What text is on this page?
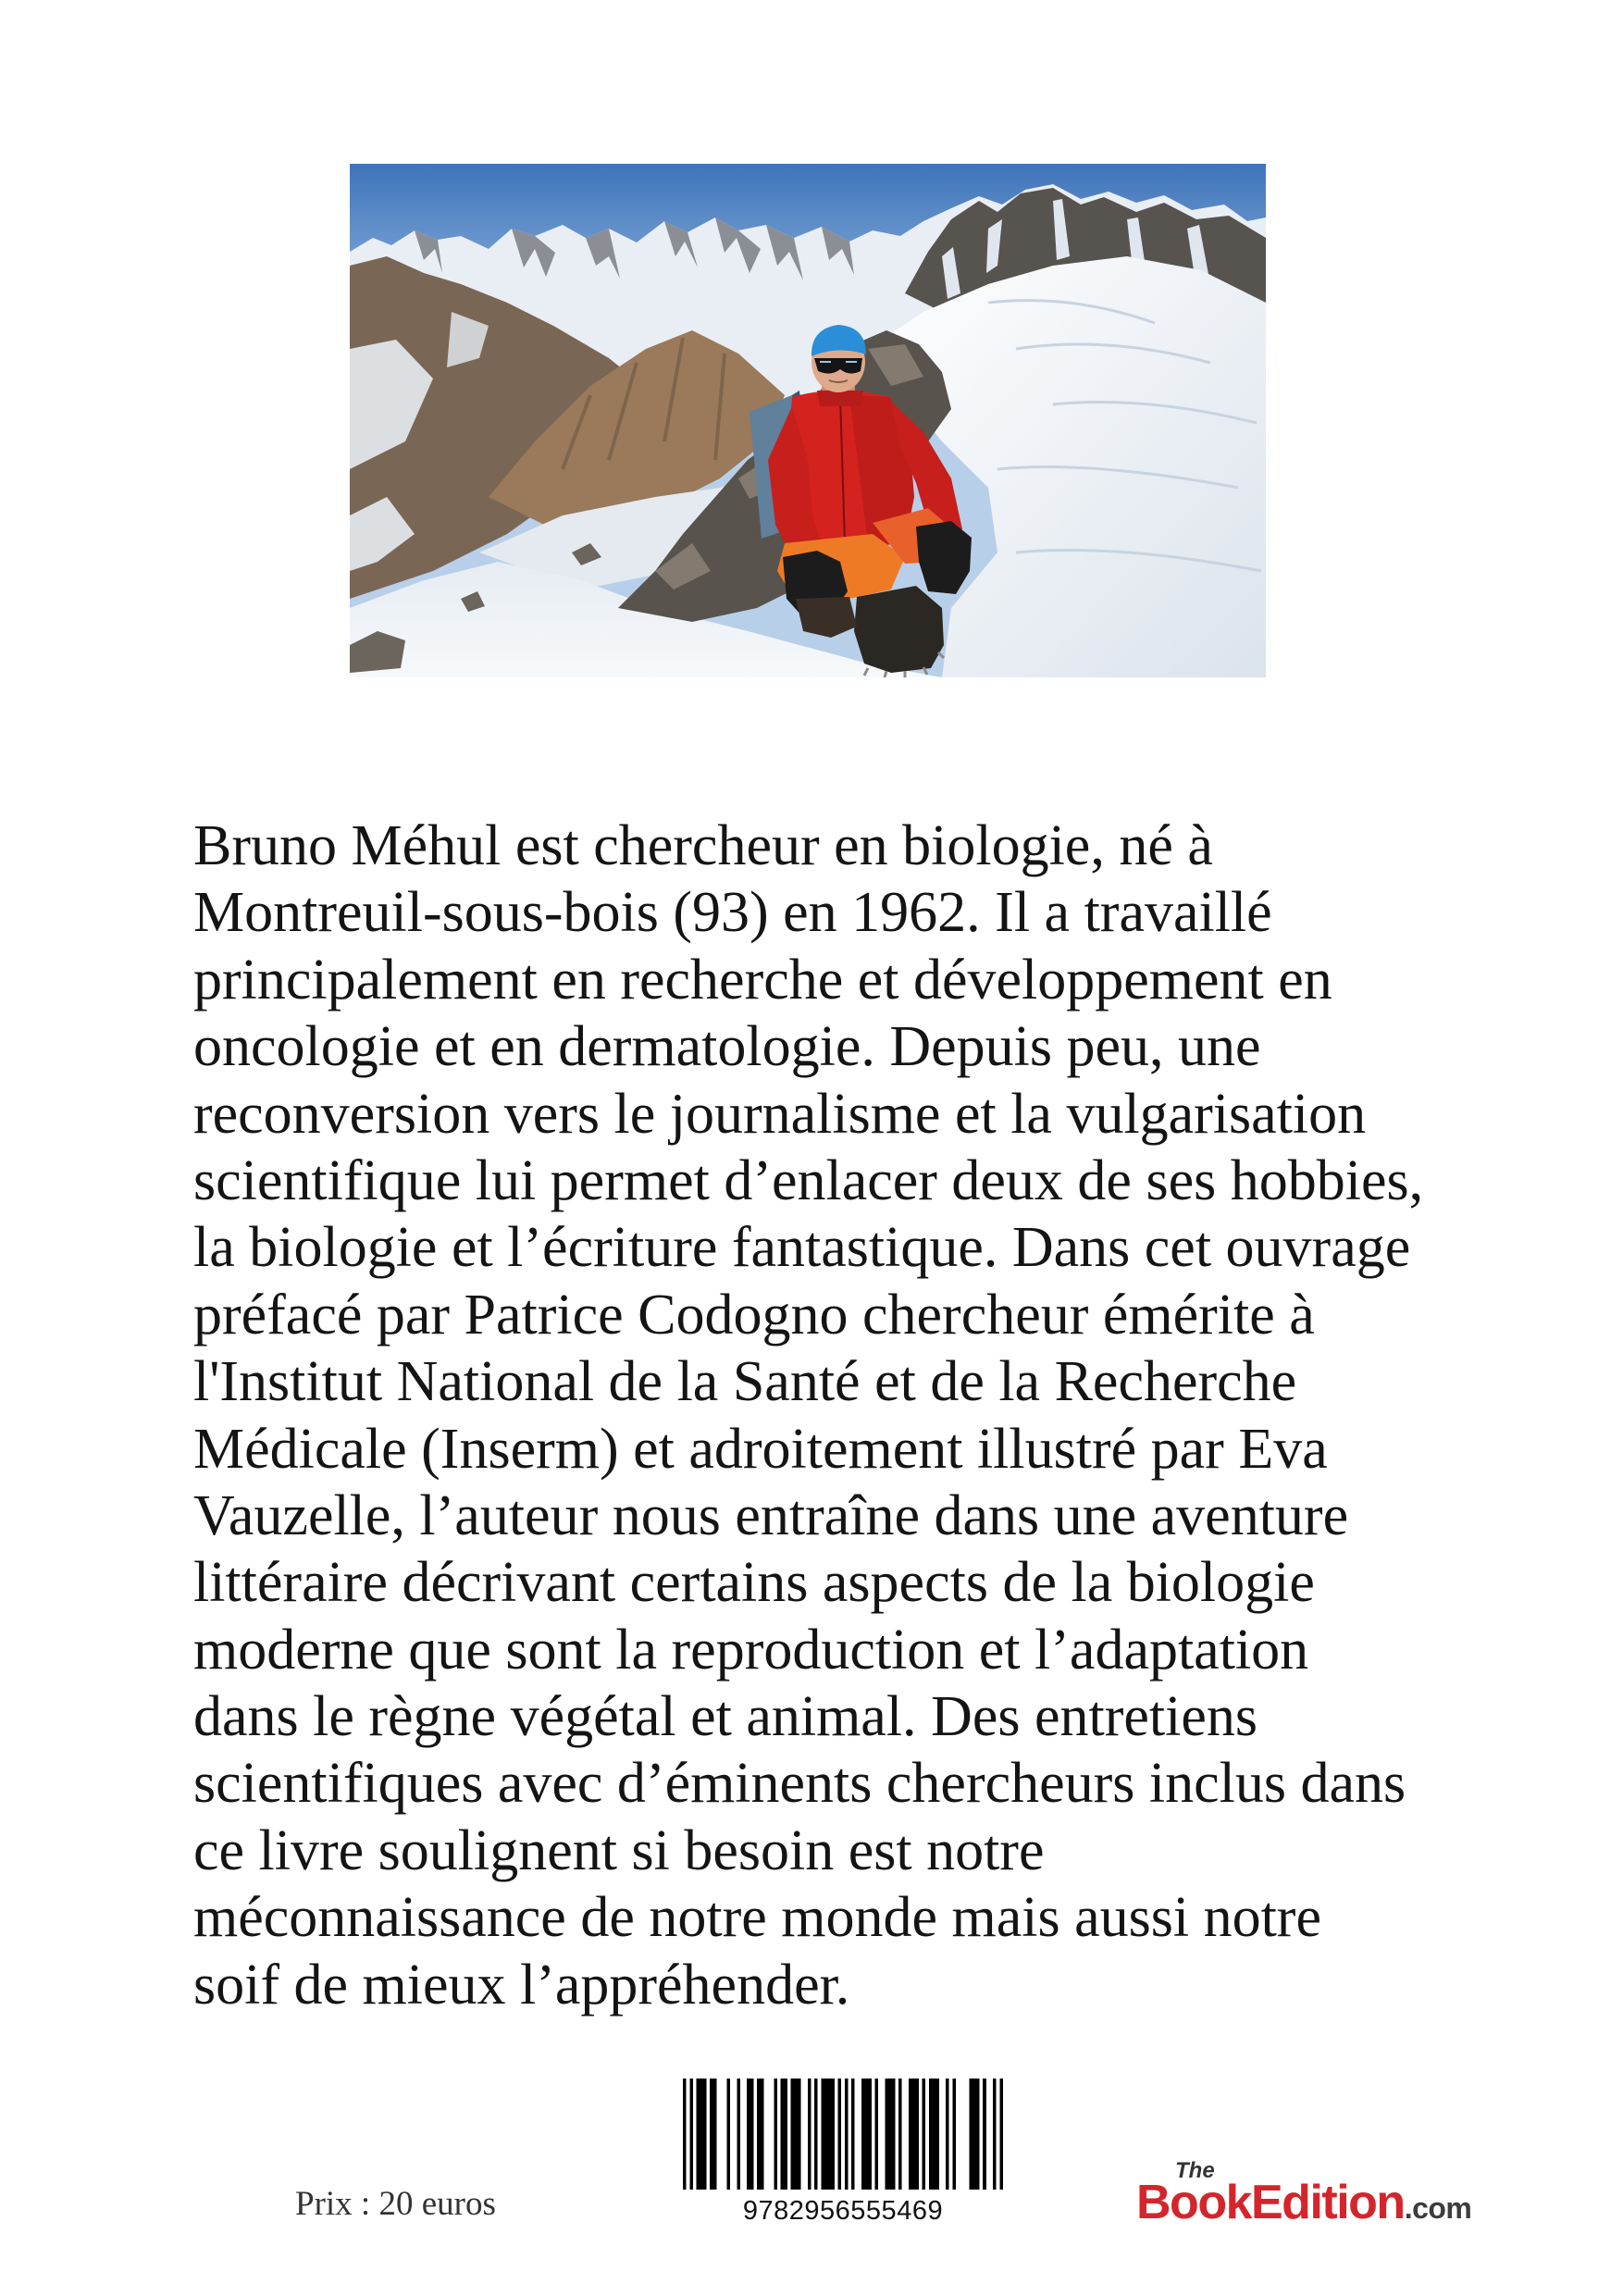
Bruno Méhul est chercheur en biologie, né à
Montreuil-sous-bois (93) en 1962. Il a travaillé
principalement en recherche et développement en
oncologie et en dermatologie. Depuis peu, une
reconversion vers le journalisme et la vulgarisation
scientifique lui permet d’enlacer deux de ses hobbies,
la biologie et l’écriture fantastique. Dans cet ouvrage
préfacé par Patrice Codogno chercheur émérite à
l'Institut National de la Santé et de la Recherche
Médicale (Inserm) et adroitement illustré par Eva
Vauzelle, l’auteur nous entraîne dans une aventure
littéraire décrivant certains aspects de la biologie
moderne que sont la reproduction et l’adaptation
dans le règne végétal et animal. Des entretiens
scientifiques avec d’éminents chercheurs inclus dans
ce livre soulignent si besoin est notre
méconnaissance de notre monde mais aussi notre
soif de mieux l’appréhender.
Prix : 20 euros	9782956555469
The
BookEdition.com
